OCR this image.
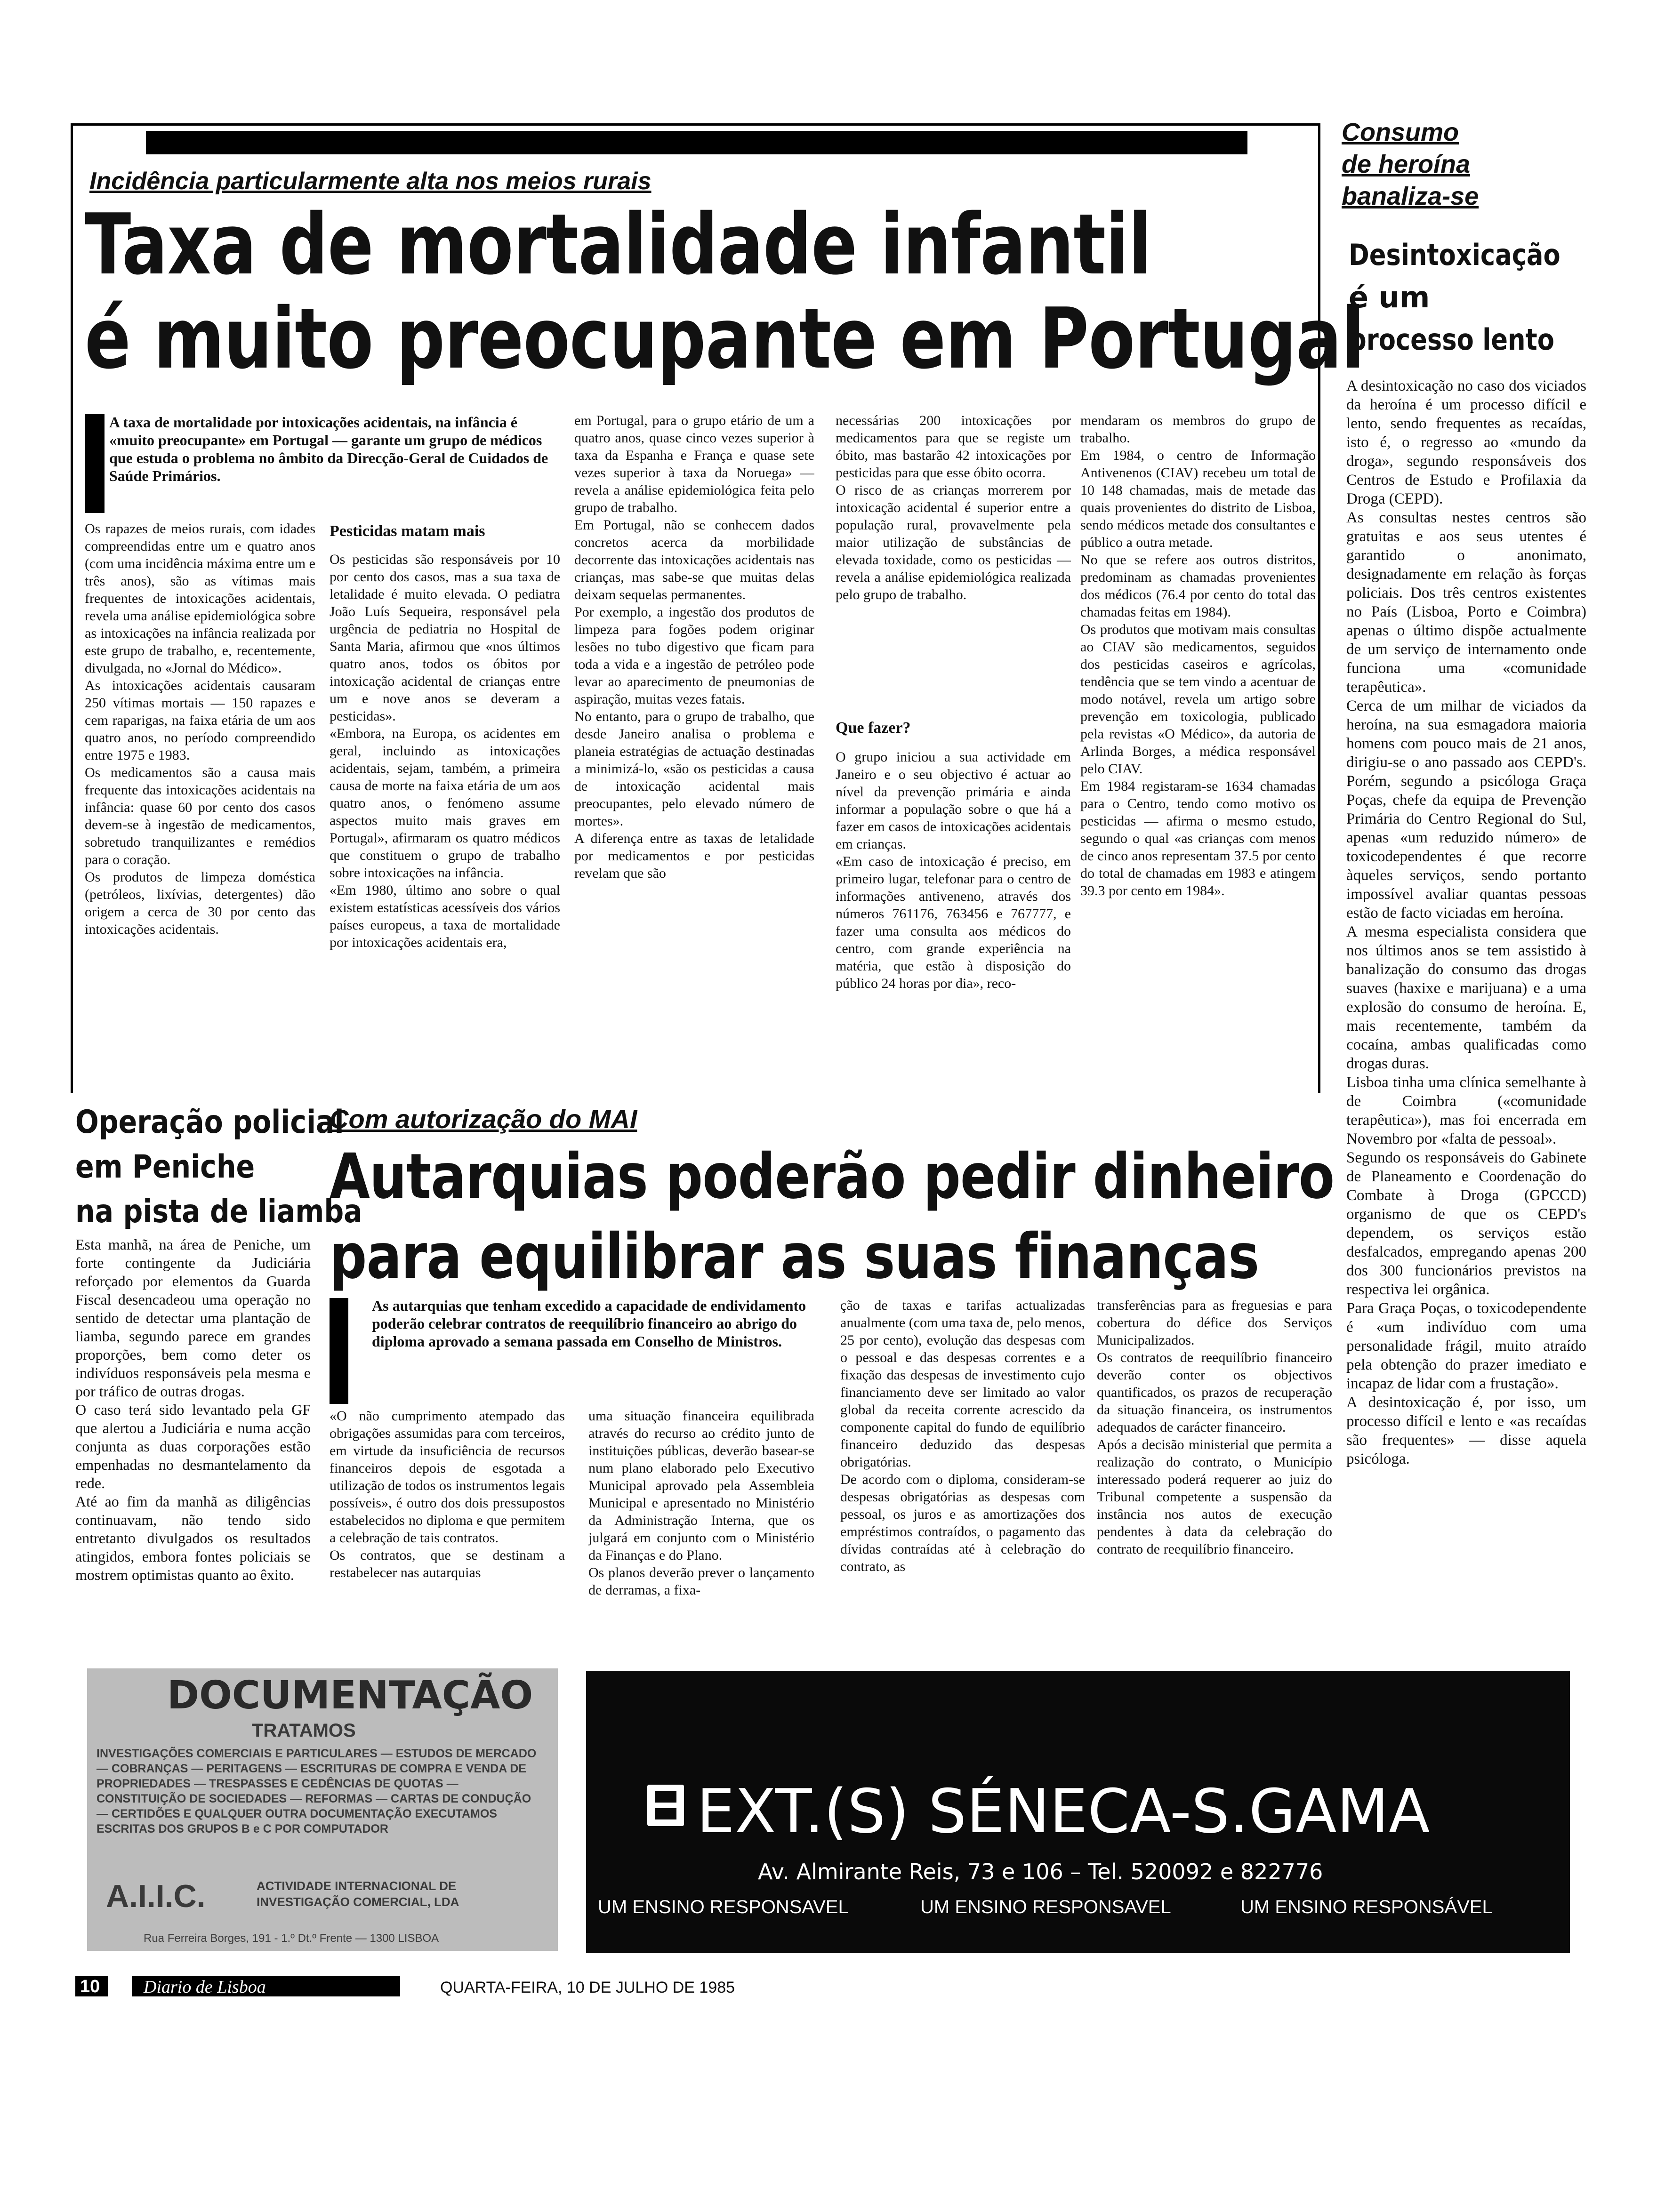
Incidência particularmente alta nos meios rurais
Taxa de mortalidade infantil
é muito preocupante em Portugal
A taxa de mortalidade por intoxicações acidentais, na infância é «muito preocupante» em Portugal — garante um grupo de médicos que estuda o problema no âmbito da Direcção-Geral de Cuidados de Saúde Primários.
Os rapazes de meios rurais, com idades compreendidas entre um e quatro anos (com uma incidência máxima entre um e três anos), são as vítimas mais frequentes de intoxicações acidentais, revela uma análise epidemiológica sobre as intoxicações na infância realizada por este grupo de trabalho, e, recentemente, divulgada, no «Jornal do Médico».
As intoxicações acidentais causaram 250 vítimas mortais — 150 rapazes e cem raparigas, na faixa etária de um aos quatro anos, no período compreendido entre 1975 e 1983.
Os medicamentos são a causa mais frequente das intoxicações acidentais na infância: quase 60 por cento dos casos devem-se à ingestão de medicamentos, sobretudo tranquilizantes e remédios para o coração.
Os produtos de limpeza doméstica (petróleos, lixívias, detergentes) dão origem a cerca de 30 por cento das intoxicações acidentais.
Pesticidas matam mais
Os pesticidas são responsáveis por 10 por cento dos casos, mas a sua taxa de letalidade é muito elevada. O pediatra João Luís Sequeira, responsável pela urgência de pediatria no Hospital de Santa Maria, afirmou que «nos últimos quatro anos, todos os óbitos por intoxicação acidental de crianças entre um e nove anos se deveram a pesticidas».
«Embora, na Europa, os acidentes em geral, incluindo as intoxicações acidentais, sejam, também, a primeira causa de morte na faixa etária de um aos quatro anos, o fenómeno assume aspectos muito mais graves em Portugal», afirmaram os quatro médicos que constituem o grupo de trabalho sobre intoxicações na infância.
«Em 1980, último ano sobre o qual existem estatísticas acessíveis dos vários países europeus, a taxa de mortalidade por intoxicações acidentais era,
em Portugal, para o grupo etário de um a quatro anos, quase cinco vezes superior à taxa da Espanha e França e quase sete vezes superior à taxa da Noruega» — revela a análise epidemiológica feita pelo grupo de trabalho.
Em Portugal, não se conhecem dados concretos acerca da morbilidade decorrente das intoxicações acidentais nas crianças, mas sabe-se que muitas delas deixam sequelas permanentes.
Por exemplo, a ingestão dos produtos de limpeza para fogões podem originar lesões no tubo digestivo que ficam para toda a vida e a ingestão de petróleo pode levar ao aparecimento de pneumonias de aspiração, muitas vezes fatais.
No entanto, para o grupo de trabalho, que desde Janeiro analisa o problema e planeia estratégias de actuação destinadas a minimizá-lo, «são os pesticidas a causa de intoxicação acidental mais preocupantes, pelo elevado número de mortes».
A diferença entre as taxas de letalidade por medicamentos e por pesticidas revelam que são
necessárias 200 intoxicações por medicamentos para que se registe um óbito, mas bastarão 42 intoxicações por pesticidas para que esse óbito ocorra.
O risco de as crianças morrerem por intoxicação acidental é superior entre a população rural, provavelmente pela maior utilização de substâncias de elevada toxidade, como os pesticidas — revela a análise epidemiológica realizada pelo grupo de trabalho.
Que fazer?
O grupo iniciou a sua actividade em Janeiro e o seu objectivo é actuar ao nível da prevenção primária e ainda informar a população sobre o que há a fazer em casos de intoxicações acidentais em crianças.
«Em caso de intoxicação é preciso, em primeiro lugar, telefonar para o centro de informações antiveneno, através dos números 761176, 763456 e 767777, e fazer uma consulta aos médicos do centro, com grande experiência na matéria, que estão à disposição do público 24 horas por dia», reco-
mendaram os membros do grupo de trabalho.
Em 1984, o centro de Informação Antivenenos (CIAV) recebeu um total de 10 148 chamadas, mais de metade das quais provenientes do distrito de Lisboa, sendo médicos metade dos consultantes e público a outra metade.
No que se refere aos outros distritos, predominam as chamadas provenientes dos médicos (76.4 por cento do total das chamadas feitas em 1984).
Os produtos que motivam mais consultas ao CIAV são medicamentos, seguidos dos pesticidas caseiros e agrícolas, tendência que se tem vindo a acentuar de modo notável, revela um artigo sobre prevenção em toxicologia, publicado pela revistas «O Médico», da autoria de Arlinda Borges, a médica responsável pelo CIAV.
Em 1984 registaram-se 1634 chamadas para o Centro, tendo como motivo os pesticidas — afirma o mesmo estudo, segundo o qual «as crianças com menos de cinco anos representam 37.5 por cento do total de chamadas em 1983 e atingem 39.3 por cento em 1984».
Consumo
de heroína
banaliza-se
Desintoxicação
é um
processo lento
A desintoxicação no caso dos viciados da heroína é um processo difícil e lento, sendo frequentes as recaídas, isto é, o regresso ao «mundo da droga», segundo responsáveis dos Centros de Estudo e Profilaxia da Droga (CEPD).
As consultas nestes centros são gratuitas e aos seus utentes é garantido o anonimato, designadamente em relação às forças policiais. Dos três centros existentes no País (Lisboa, Porto e Coimbra) apenas o último dispõe actualmente de um serviço de internamento onde funciona uma «comunidade terapêutica».
Cerca de um milhar de viciados da heroína, na sua esmagadora maioria homens com pouco mais de 21 anos, dirigiu-se o ano passado aos CEPD's. Porém, segundo a psicóloga Graça Poças, chefe da equipa de Prevenção Primária do Centro Regional do Sul, apenas «um reduzido número» de toxicodependentes é que recorre àqueles serviços, sendo portanto impossível avaliar quantas pessoas estão de facto viciadas em heroína.
A mesma especialista considera que nos últimos anos se tem assistido à banalização do consumo das drogas suaves (haxixe e marijuana) e a uma explosão do consumo de heroína. E, mais recentemente, também da cocaína, ambas qualificadas como drogas duras.
Lisboa tinha uma clínica semelhante à de Coimbra («comunidade terapêutica»), mas foi encerrada em Novembro por «falta de pessoal».
Segundo os responsáveis do Gabinete de Planeamento e Coordenação do Combate à Droga (GPCCD) organismo de que os CEPD's dependem, os serviços estão desfalcados, empregando apenas 200 dos 300 funcionários previstos na respectiva lei orgânica.
Para Graça Poças, o toxicodependente é «um indivíduo com uma personalidade frágil, muito atraído pela obtenção do prazer imediato e incapaz de lidar com a frustação».
A desintoxicação é, por isso, um processo difícil e lento e «as recaídas são frequentes» — disse aquela psicóloga.
Operação policial
em Peniche
na pista de liamba
Esta manhã, na área de Peniche, um forte contingente da Judiciária reforçado por elementos da Guarda Fiscal desencadeou uma operação no sentido de detectar uma plantação de liamba, segundo parece em grandes proporções, bem como deter os indivíduos responsáveis pela mesma e por tráfico de outras drogas.
O caso terá sido levantado pela GF que alertou a Judiciária e numa acção conjunta as duas corporações estão empenhadas no desmantelamento da rede.
Até ao fim da manhã as diligências continuavam, não tendo sido entretanto divulgados os resultados atingidos, embora fontes policiais se mostrem optimistas quanto ao êxito.
Com autorização do MAI
Autarquias poderão pedir dinheiro
para equilibrar as suas finanças
As autarquias que tenham excedido a capacidade de endividamento poderão celebrar contratos de reequilíbrio financeiro ao abrigo do diploma aprovado a semana passada em Conselho de Ministros.
«O não cumprimento atempado das obrigações assumidas para com terceiros, em virtude da insuficiência de recursos financeiros depois de esgotada a utilização de todos os instrumentos legais possíveis», é outro dos dois pressupostos estabelecidos no diploma e que permitem a celebração de tais contratos.
Os contratos, que se destinam a restabelecer nas autarquias
uma situação financeira equilibrada através do recurso ao crédito junto de instituições públicas, deverão basear-se num plano elaborado pelo Executivo Municipal aprovado pela Assembleia Municipal e apresentado no Ministério da Administração Interna, que os julgará em conjunto com o Ministério da Finanças e do Plano.
Os planos deverão prever o lançamento de derramas, a fixa-
ção de taxas e tarifas actualizadas anualmente (com uma taxa de, pelo menos, 25 por cento), evolução das despesas com o pessoal e das despesas correntes e a fixação das despesas de investimento cujo financiamento deve ser limitado ao valor global da receita corrente acrescido da componente capital do fundo de equilíbrio financeiro deduzido das despesas obrigatórias.
De acordo com o diploma, consideram-se despesas obrigatórias as despesas com pessoal, os juros e as amortizações dos empréstimos contraídos, o pagamento das dívidas contraídas até à celebração do contrato, as
transferências para as freguesias e para cobertura do défice dos Serviços Municipalizados.
Os contratos de reequilíbrio financeiro deverão conter os objectivos quantificados, os prazos de recuperação da situação financeira, os instrumentos adequados de carácter financeiro.
Após a decisão ministerial que permita a realização do contrato, o Município interessado poderá requerer ao juiz do Tribunal competente a suspensão da instância nos autos de execução pendentes à data da celebração do contrato de reequilíbrio financeiro.
DOCUMENTAÇÃO
TRATAMOS
INVESTIGAÇÕES COMERCIAIS E PARTICULARES — ESTUDOS DE MERCADO — COBRANÇAS — PERITAGENS — ESCRITURAS DE COMPRA E VENDA DE PROPRIEDADES — TRESPASSES E CEDÊNCIAS DE QUOTAS — CONSTITUIÇÃO DE SOCIEDADES — REFORMAS — CARTAS DE CONDUÇÃO — CERTIDÕES E QUALQUER OUTRA DOCUMENTAÇÃO EXECUTAMOS ESCRITAS DOS GRUPOS B e C POR COMPUTADOR
A.I.I.C.	ACTIVIDADE INTERNACIONAL DE INVESTIGAÇÃO COMERCIAL, LDA
Rua Ferreira Borges, 191 - 1.º Dt.º Frente — 1300 LISBOA
EXT.(S) SÉNECA-S.GAMA
Av. Almirante Reis, 73 e 106 – Tel. 520092 e 822776
UM ENSINO RESPONSAVEL	UM ENSINO RESPONSAVEL	UM ENSINO RESPONSÁVEL
10 Diario de Lisboa	QUARTA-FEIRA, 10 DE JULHO DE 1985
